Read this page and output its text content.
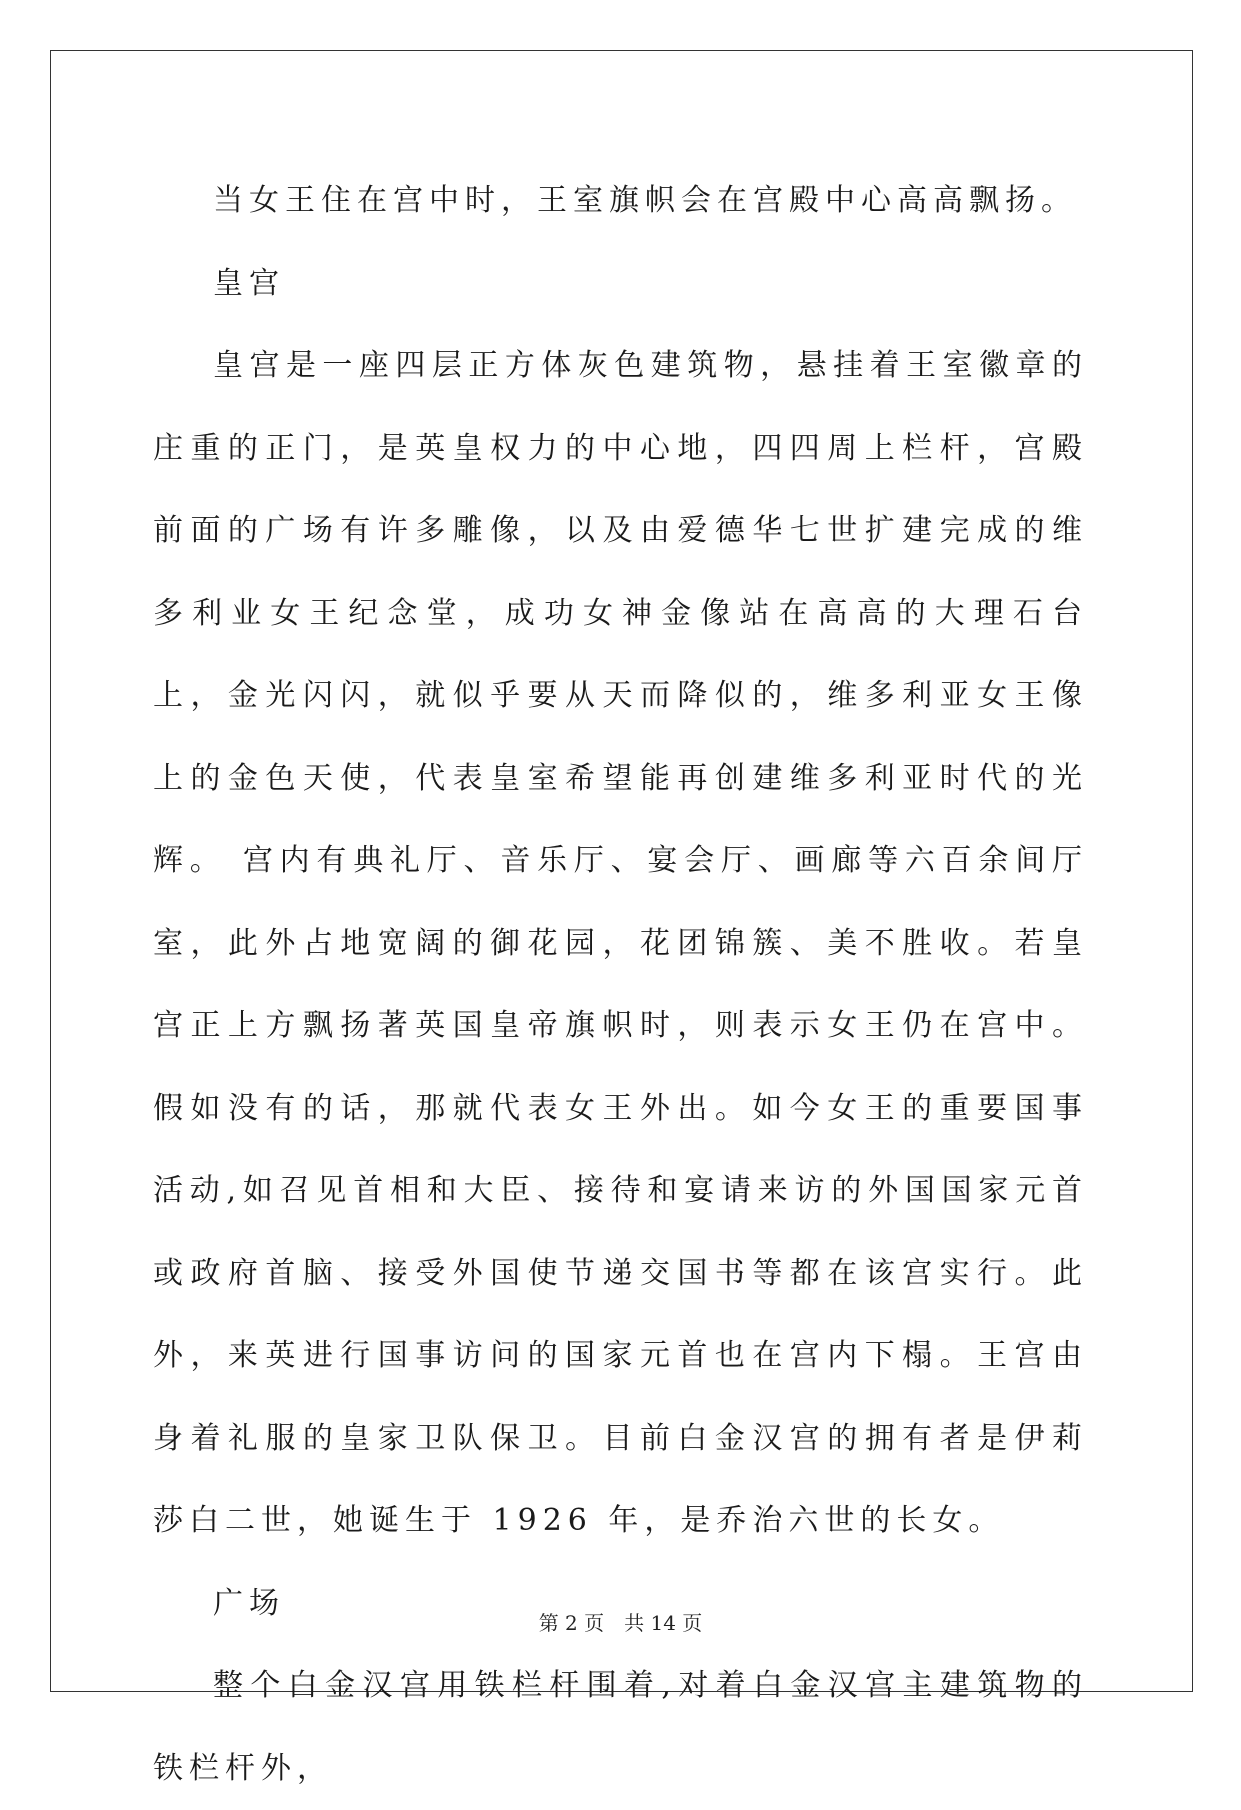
当女王住在宫中时，王室旗帜会在宫殿中心高高飘扬。

皇宫

皇宫是一座四层正方体灰色建筑物，悬挂着王室徽章的庄重的正门，是英皇权力的中心地，四四周上栏杆，宫殿前面的广场有许多雕像，以及由爱德华七世扩建完成的维多利业女王纪念堂，成功女神金像站在高高的大理石台上，金光闪闪，就似乎要从天而降似的，维多利亚女王像上的金色天使，代表皇室希望能再创建维多利亚时代的光辉。 宫内有典礼厅、音乐厅、宴会厅、画廊等六百余间厅室，此外占地宽阔的御花园，花团锦簇、美不胜收。若皇宫正上方飘扬著英国皇帝旗帜时，则表示女王仍在宫中。假如没有的话，那就代表女王外出。如今女王的重要国事活动,如召见首相和大臣、接待和宴请来访的外国国家元首或政府首脑、接受外国使节递交国书等都在该宫实行。此外，来英进行国事访问的国家元首也在宫内下榻。王宫由身着礼服的皇家卫队保卫。目前白金汉宫的拥有者是伊莉莎白二世，她诞生于 1926 年，是乔治六世的长女。

广场

整个白金汉宫用铁栏杆围着,对着白金汉宫主建筑物的铁栏杆外，

第 2 页　共 14 页
